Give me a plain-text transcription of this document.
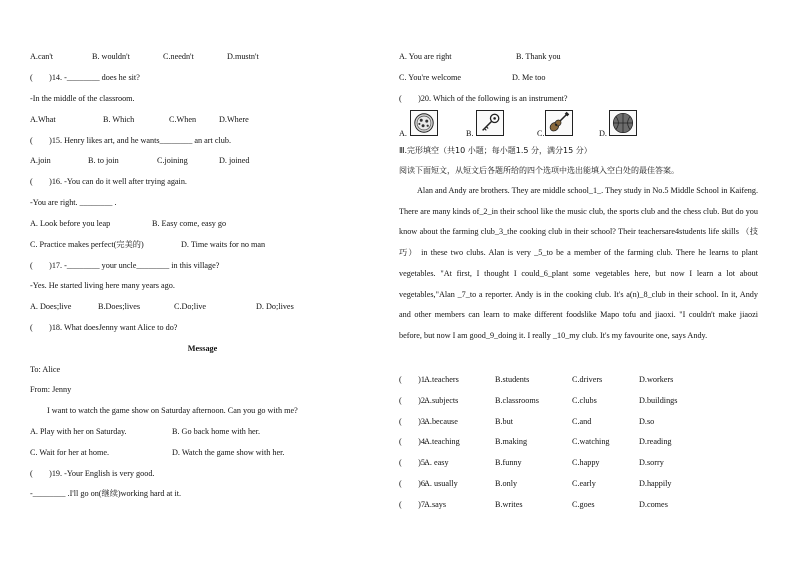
A.can't	B. wouldn't	C.needn't	D.mustn't
(　　)14. -________ does he sit?
-In the middle of the classroom.
A.What	B. Which	C.When	D.Where
(　　)15. Henry likes art, and he wants________ an art club.
A.join	B. to join	C.joining	D. joined
(　　)16. -You can do it well after trying again.
-You are right. ________ .
A. Look before you leap	B. Easy come, easy go
C. Practice makes perfect(完美的)	D. Time waits for no man
(　　)17. -________ your uncle________ in this village?
-Yes. He started living here many years ago.
A. Does;live	B.Does;lives	C.Do;live	D. Do;lives
(　　)18. What doesJenny want Alice to do?
Message
To: Alice
From: Jenny
I want to watch the game show on Saturday afternoon. Can you go with me?
A. Play with her on Saturday.	B. Go back home with her.
C. Wait for her at home.	D. Watch the game show with her.
(　　)19. -Your English is very good.
-________ .I'll go on(继续)working hard at it.
A. You are right	B. Thank you
C. You're welcome	D. Me too
(　　)20. Which of the following is an instrument?
A.	B.	C.	D.
Ⅲ.完形填空（共10 小题；每小题1.5 分，满分15 分）
阅读下面短文，从短文后各题所给的四个选项中选出能填入空白处的最佳答案。
Alan and Andy are brothers. They are middle school_1_. They study in No.5 Middle School in Kaifeng. There are many kinds of_2_in their school like the music club, the sports club and the chess club. But do you know about the farming club_3_the cooking club in their school? Their teachersare4students life skills （技巧） in these two clubs. Alan is very _5_to be a member of the farming club. There he learns to plant vegetables. "At first, I thought I could_6_plant some vegetables here, but now I learn a lot about vegetables,"Alan _7_to a reporter. Andy is in the cooking club. It's a(n)_8_club in their school. In it, Andy and other members can learn to make different foodslike Mapo tofu and jiaoxi. "I couldn't make jiaozi before, but now I am good_9_doing it. I really _10_my club. It's my favourite one, says Andy.
(　　)1.
A.teachers	B.students	C.drivers	D.workers
(　　)2.
A.subjects	B.classrooms	C.clubs	D.buildings
(　　)3.
A.because	B.but	C.and	D.so
(　　)4.
A.teaching	B.making	C.watching	D.reading
(　　)5.
A. easy	B.funny	C.happy	D.sorry
(　　)6.
A. usually	B.only	C.early	D.happily
(　　)7.
A.says	B.writes	C.goes	D.comes
